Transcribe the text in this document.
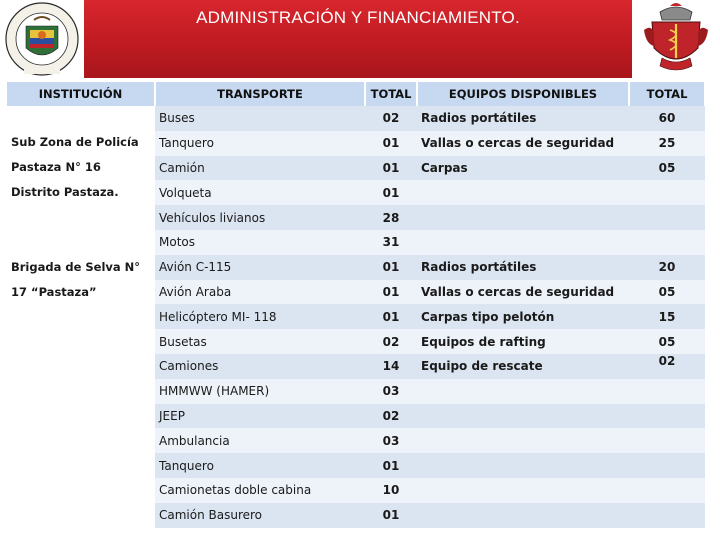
ADMINISTRACIÓN Y FINANCIAMIENTO.
INSTITUCIÓN	TRANSPORTE	TOTAL	EQUIPOS DISPONIBLES	TOTAL
Sub Zona de Policía Pastaza N° 16 Distrito Pastaza.	Buses	02	Radios portátiles	60
	Tanquero	01	Vallas o cercas de seguridad	25
	Camión	01	Carpas	05
	Volqueta	01		
	Vehículos livianos	28		
	Motos	31		
Brigada de Selva N° 17 “Pastaza”	Avión C-115	01	Radios portátiles	20
	Avión Araba	01	Vallas o cercas de seguridad	05
	Helicóptero MI- 118	01	Carpas tipo pelotón	15
	Busetas	02	Equipos de rafting	05
	Camiones	14	Equipo de rescate	02
	HMMWW (HAMER)	03		
	JEEP	02		
	Ambulancia	03		
	Tanquero	01		
	Camionetas doble cabina	10		
	Camión Basurero	01		
